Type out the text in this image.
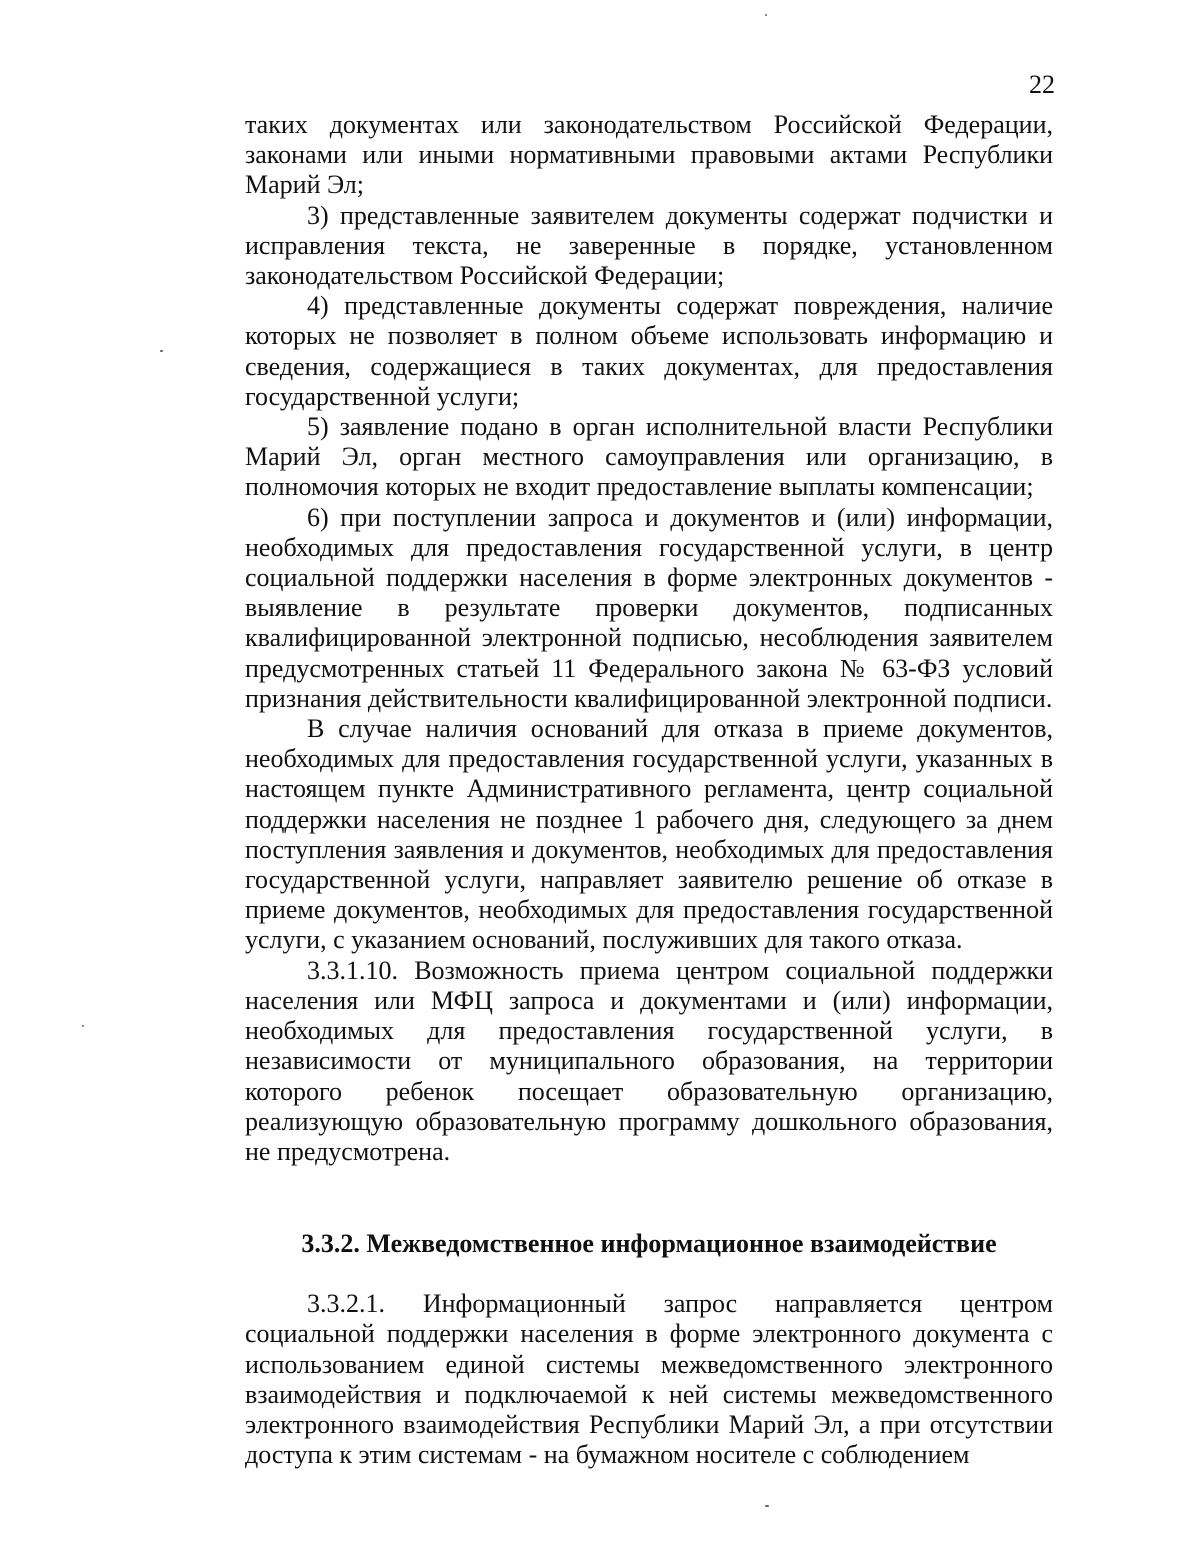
22

таких документах или законодательством Российской Федерации, законами или иными нормативными правовыми актами Республики Марий Эл;

3) представленные заявителем документы содержат подчистки и исправления текста, не заверенные в порядке, установленном законодательством Российской Федерации;

4) представленные документы содержат повреждения, наличие которых не позволяет в полном объеме использовать информацию и сведения, содержащиеся в таких документах, для предоставления государственной услуги;

5) заявление подано в орган исполнительной власти Республики Марий Эл, орган местного самоуправления или организацию, в полномочия которых не входит предоставление выплаты компенсации;

6) при поступлении запроса и документов и (или) информации, необходимых для предоставления государственной услуги, в центр социальной поддержки населения в форме электронных документов - выявление в результате проверки документов, подписанных квалифицированной электронной подписью, несоблюдения заявителем предусмотренных статьей 11 Федерального закона № 63-ФЗ условий признания действительности квалифицированной электронной подписи.

В случае наличия оснований для отказа в приеме документов, необходимых для предоставления государственной услуги, указанных в настоящем пункте Административного регламента, центр социальной поддержки населения не позднее 1 рабочего дня, следующего за днем поступления заявления и документов, необходимых для предоставления государственной услуги, направляет заявителю решение об отказе в приеме документов, необходимых для предоставления государственной услуги, с указанием оснований, послуживших для такого отказа.

3.3.1.10. Возможность приема центром социальной поддержки населения или МФЦ запроса и документами и (или) информации, необходимых для предоставления государственной услуги, в независимости от муниципального образования, на территории которого ребенок посещает образовательную организацию, реализующую образовательную программу дошкольного образования, не предусмотрена.

3.3.2. Межведомственное информационное взаимодействие

3.3.2.1. Информационный запрос направляется центром социальной поддержки населения в форме электронного документа с использованием единой системы межведомственного электронного взаимодействия и подключаемой к ней системы межведомственного электронного взаимодействия Республики Марий Эл, а при отсутствии доступа к этим системам - на бумажном носителе с соблюдением
